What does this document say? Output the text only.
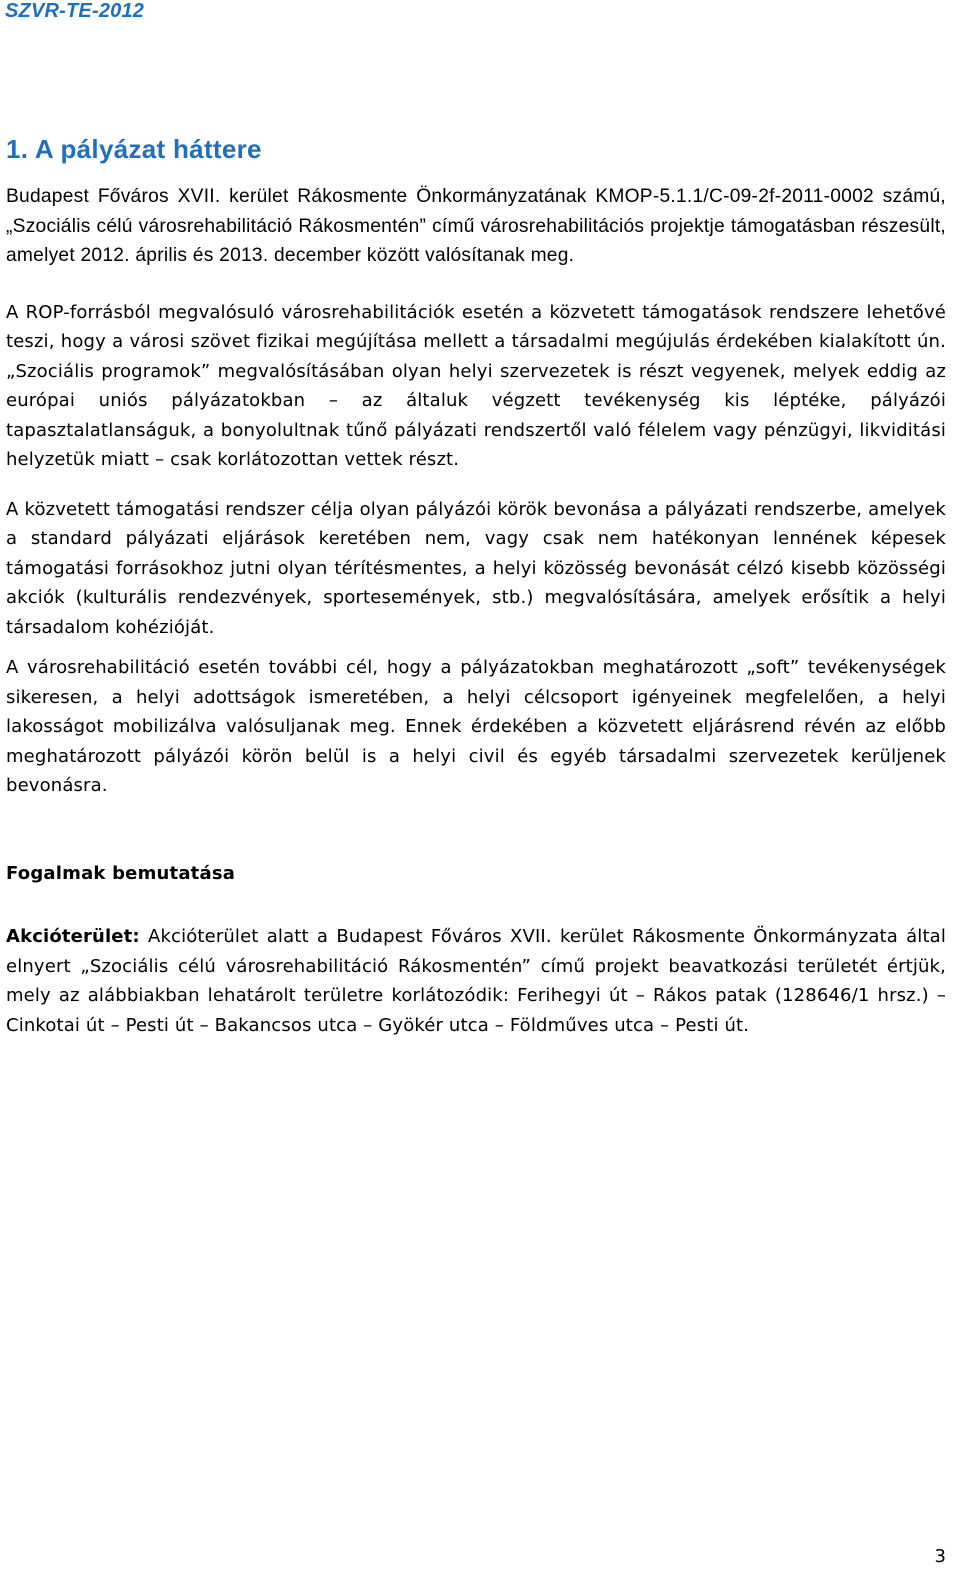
SZVR-TE-2012
1. A pályázat háttere

Budapest Főváros XVII. kerület Rákosmente Önkormányzatának KMOP-5.1.1/C-09-2f-2011-0002 számú, „Szociális célú városrehabilitáció Rákosmentén” című városrehabilitációs projektje támogatásban részesült, amelyet 2012. április és 2013. december között valósítanak meg.

A ROP-forrásból megvalósuló városrehabilitációk esetén a közvetett támogatások rendszere lehetővé teszi, hogy a városi szövet fizikai megújítása mellett a társadalmi megújulás érdekében kialakított ún. „Szociális programok” megvalósításában olyan helyi szervezetek is részt vegyenek, melyek eddig az európai uniós pályázatokban – az általuk végzett tevékenység kis léptéke, pályázói tapasztalatlanságuk, a bonyolultnak tűnő pályázati rendszertől való félelem vagy pénzügyi, likviditási helyzetük miatt – csak korlátozottan vettek részt.

A közvetett támogatási rendszer célja olyan pályázói körök bevonása a pályázati rendszerbe, amelyek a standard pályázati eljárások keretében nem, vagy csak nem hatékonyan lennének képesek támogatási forrásokhoz jutni olyan térítésmentes, a helyi közösség bevonását célzó kisebb közösségi akciók (kulturális rendezvények, sportesemények, stb.) megvalósítására, amelyek erősítik a helyi társadalom kohézióját.

A városrehabilitáció esetén további cél, hogy a pályázatokban meghatározott „soft” tevékenységek sikeresen, a helyi adottságok ismeretében, a helyi célcsoport igényeinek megfelelően, a helyi lakosságot mobilizálva valósuljanak meg. Ennek érdekében a közvetett eljárásrend révén az előbb meghatározott pályázói körön belül is a helyi civil és egyéb társadalmi szervezetek kerüljenek bevonásra.

Fogalmak bemutatása

Akcióterület: Akcióterület alatt a Budapest Főváros XVII. kerület Rákosmente Önkormányzata által elnyert „Szociális célú városrehabilitáció Rákosmentén” című projekt beavatkozási területét értjük, mely az alábbiakban lehatárolt területre korlátozódik: Ferihegyi út – Rákos patak (128646/1 hrsz.) – Cinkotai út – Pesti út – Bakancsos utca – Gyökér utca – Földműves utca – Pesti út.

3
